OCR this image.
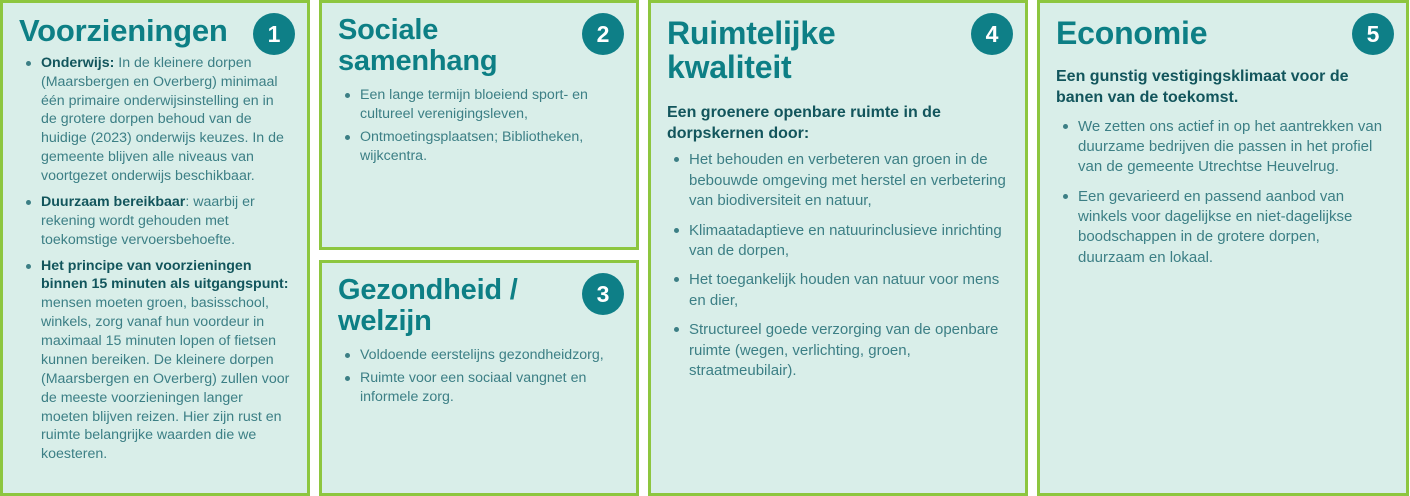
1
Voorzieningen
Onderwijs: In de kleinere dorpen (Maarsbergen en Overberg) minimaal één primaire onderwijsinstelling en in de grotere dorpen behoud van de huidige (2023) onderwijs keuzes. In de gemeente blijven alle niveaus van voortgezet onderwijs beschikbaar.
Duurzaam bereikbaar: waarbij er rekening wordt gehouden met toekomstige vervoersbehoefte.
Het principe van voorzieningen binnen 15 minuten als uitgangspunt: mensen moeten groen, basisschool, winkels, zorg vanaf hun voordeur in maximaal 15 minuten lopen of fietsen kunnen bereiken. De kleinere dorpen (Maarsbergen en Overberg) zullen voor de meeste voorzieningen langer moeten blijven reizen. Hier zijn rust en ruimte belangrijke waarden die we koesteren.
2
Sociale samenhang
Een lange termijn bloeiend sport- en cultureel verenigingsleven,
Ontmoetingsplaatsen; Bibliotheken, wijkcentra.
3
Gezondheid / welzijn
Voldoende eerstelijns gezondheidzorg,
Ruimte voor een sociaal vangnet en informele zorg.
4
Ruimtelijke kwaliteit

Een groenere openbare ruimte in de dorpskernen door:

Het behouden en verbeteren van groen in de bebouwde omgeving met herstel en verbetering van biodiversiteit en natuur,
Klimaatadaptieve en natuurinclusieve inrichting van de dorpen,
Het toegankelijk houden van natuur voor mens en dier,
Structureel goede verzorging van de openbare ruimte (wegen, verlichting, groen, straatmeubilair).
5
Economie

Een gunstig vestigingsklimaat voor de banen van de toekomst.

We zetten ons actief in op het aantrekken van duurzame bedrijven die passen in het profiel van de gemeente Utrechtse Heuvelrug.
Een gevarieerd en passend aanbod van winkels voor dagelijkse en niet-dagelijkse boodschappen in de grotere dorpen, duurzaam en lokaal.
